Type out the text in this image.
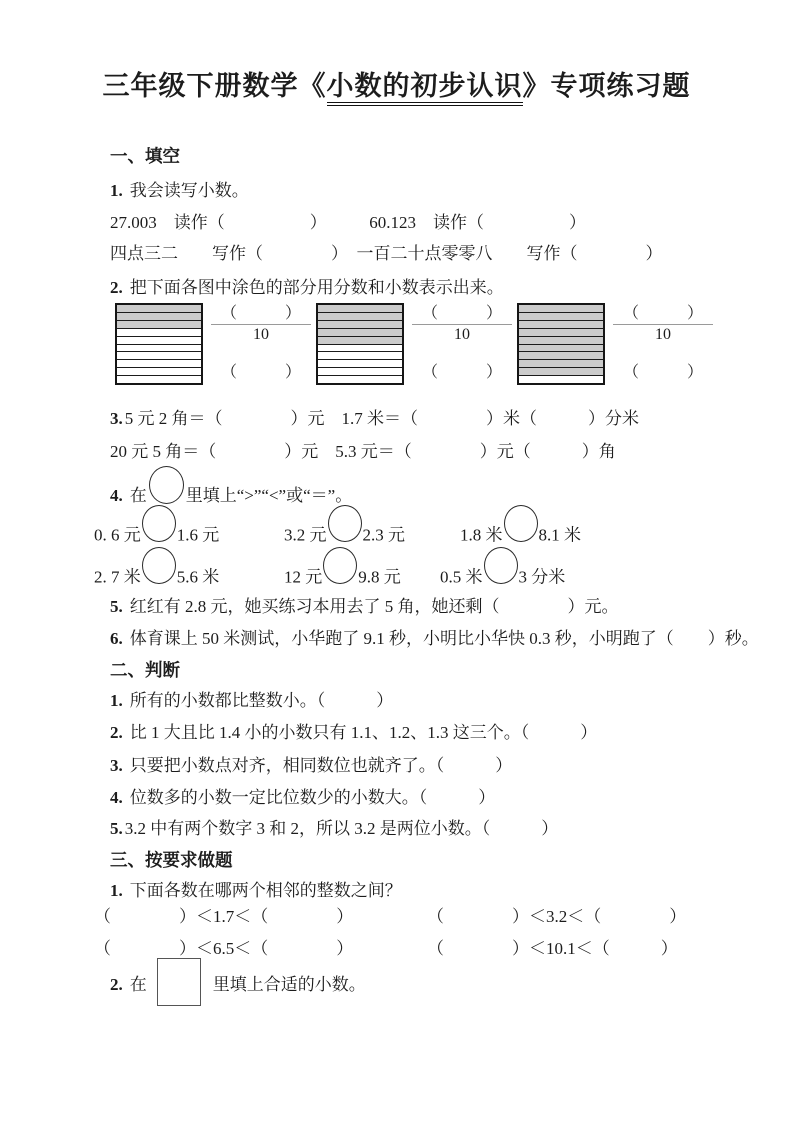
三年级下册数学《小数的初步认识》专项练习题
一、填空
1. 我会读写小数。
27.003　读作（　　　　　）　　　60.123　读作（　　　　　）
四点三二　　写作（　　　　）　一百二十点零零八　　写作（　　　　）
2. 把下面各图中涂色的部分用分数和小数表示出来。
（　　　）
10
（　　　）
（　　　）
10
（　　　）
（　　　）
10
（　　　）
3. 5 元 2 角＝（　　　　）元　1.7 米＝（　　　　）米（　　　）分米
20 元 5 角＝（　　　　）元　5.3 元＝（　　　　）元（　　　）角
4. 在 里填上“>”“<”或“＝”。
0. 6 元 1.6 元	3.2 元 2.3 元	1.8 米 8.1 米
2. 7 米 5.6 米	12 元 9.8 元 0.5 米 3 分米
5. 红红有 2.8 元，她买练习本用去了 5 角，她还剩（　　　　）元。
6. 体育课上 50 米测试，小华跑了 9.1 秒，小明比小华快 0.3 秒，小明跑了（　　）秒。
二、判断
1. 所有的小数都比整数小。（　　　）
2. 比 1 大且比 1.4 小的小数只有 1.1、1.2、1.3 这三个。（　　　）
3. 只要把小数点对齐，相同数位也就齐了。（　　　）
4. 位数多的小数一定比位数少的小数大。（　　　）
5. 3.2 中有两个数字 3 和 2，所以 3.2 是两位小数。（　　　）
三、按要求做题
1. 下面各数在哪两个相邻的整数之间？
（　　　　）＜1.7＜（　　　　）	（　　　　）＜3.2＜（　　　　）
（　　　　）＜6.5＜（　　　　）	（　　　　）＜10.1＜（　　　）
2. 在	里填上合适的小数。
